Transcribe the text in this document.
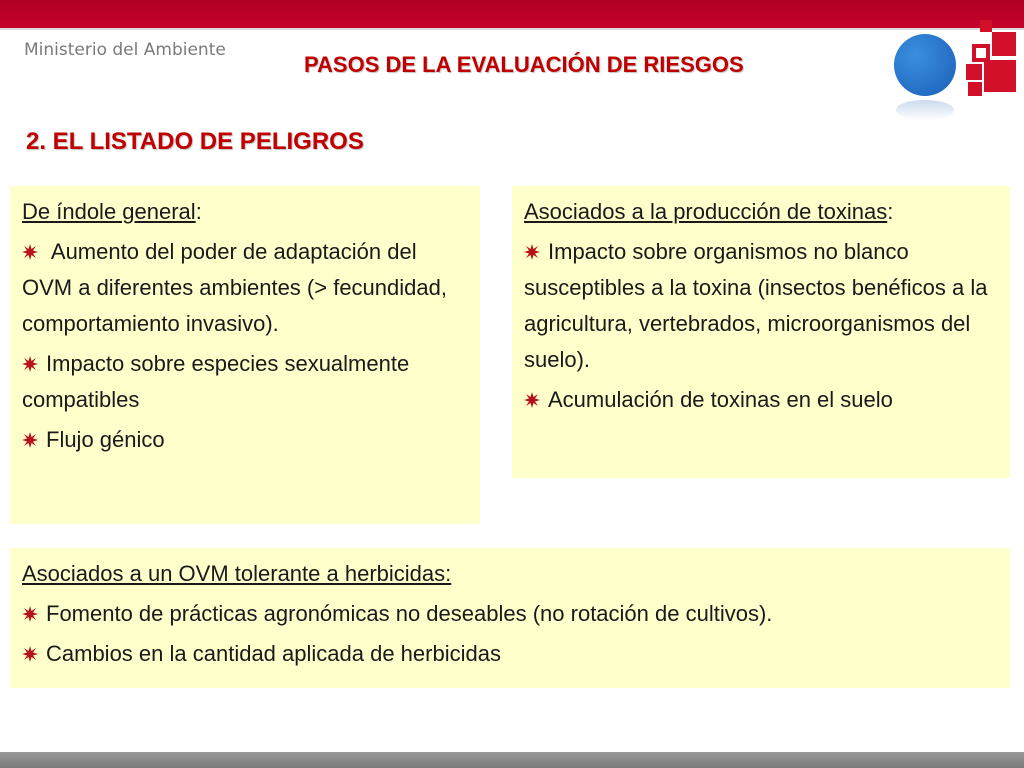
Ministerio del Ambiente
PASOS DE LA EVALUACIÓN DE RIESGOS
2. EL LISTADO DE PELIGROS

De índole general:

Aumento del poder de adaptación del OVM a diferentes ambientes (> fecundidad, comportamiento invasivo).
Impacto sobre especies sexualmente compatibles
Flujo génico

Asociados a la producción de toxinas:

Impacto sobre organismos no blanco susceptibles a la toxina (insectos benéficos a la agricultura, vertebrados, microorganismos del suelo).
Acumulación de toxinas en el suelo

Asociados a un OVM tolerante a herbicidas:

Fomento de prácticas agronómicas no deseables (no rotación de cultivos).
Cambios en la cantidad aplicada de herbicidas
